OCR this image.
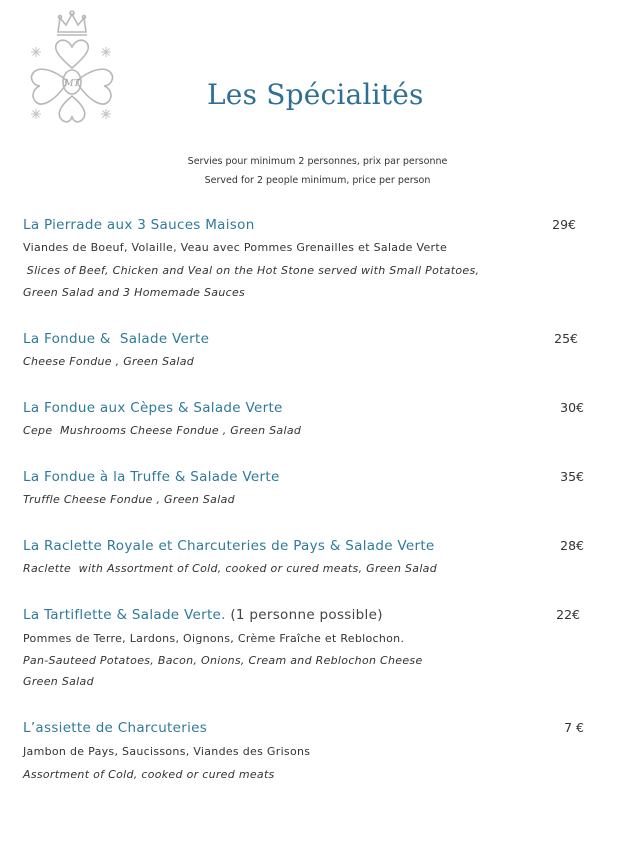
MT	Les Spécialités

Servies pour minimum 2 personnes, prix par personne

Served for 2 people minimum, price per person

La Pierrade aux 3 Sauces Maison	29€
Viandes de Boeuf, Volaille, Veau avec Pommes Grenailles et Salade Verte
Slices of Beef, Chicken and Veal on the Hot Stone served with Small Potatoes,
Green Salad and 3 Homemade Sauces
La Fondue &  Salade Verte	25€
Cheese Fondue , Green Salad
La Fondue aux Cèpes & Salade Verte	30€
Cepe  Mushrooms Cheese Fondue , Green Salad
La Fondue à la Truffe & Salade Verte	35€
Truffle Cheese Fondue , Green Salad
La Raclette Royale et Charcuteries de Pays & Salade Verte	28€
Raclette  with Assortment of Cold, cooked or cured meats, Green Salad
La Tartiflette & Salade Verte. (1 personne possible)	22€
Pommes de Terre, Lardons, Oignons, Crème Fraîche et Reblochon.
Pan-Sauteed Potatoes, Bacon, Onions, Cream and Reblochon Cheese
Green Salad
L’assiette de Charcuteries	7 €
Jambon de Pays, Saucissons, Viandes des Grisons
Assortment of Cold, cooked or cured meats
